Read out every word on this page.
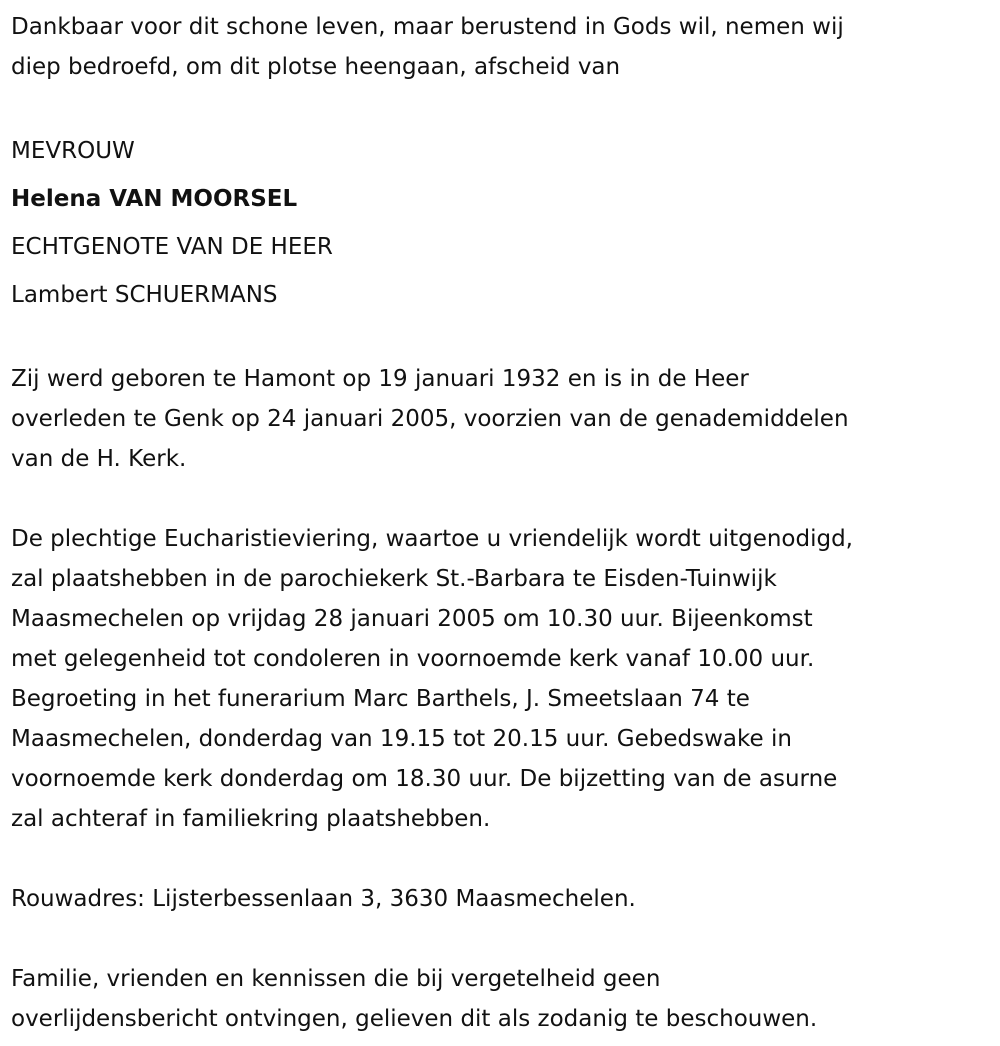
Dankbaar voor dit schone leven, maar berustend in Gods wil, nemen wij

diep bedroefd, om dit plotse heengaan, afscheid van

MEVROUW

Helena VAN MOORSEL

ECHTGENOTE VAN DE HEER

Lambert SCHUERMANS

Zij werd geboren te Hamont op 19 januari 1932 en is in de Heer

overleden te Genk op 24 januari 2005, voorzien van de genademiddelen

van de H. Kerk.

De plechtige Eucharistieviering, waartoe u vriendelijk wordt uitgenodigd,

zal plaatshebben in de parochiekerk St.-Barbara te Eisden-Tuinwijk

Maasmechelen op vrijdag 28 januari 2005 om 10.30 uur. Bijeenkomst

met gelegenheid tot condoleren in voornoemde kerk vanaf 10.00 uur.

Begroeting in het funerarium Marc Barthels, J. Smeetslaan 74 te

Maasmechelen, donderdag van 19.15 tot 20.15 uur. Gebedswake in

voornoemde kerk donderdag om 18.30 uur. De bijzetting van de asurne

zal achteraf in familiekring plaatshebben.

Rouwadres: Lijsterbessenlaan 3, 3630 Maasmechelen.

Familie, vrienden en kennissen die bij vergetelheid geen

overlijdensbericht ontvingen, gelieven dit als zodanig te beschouwen.
